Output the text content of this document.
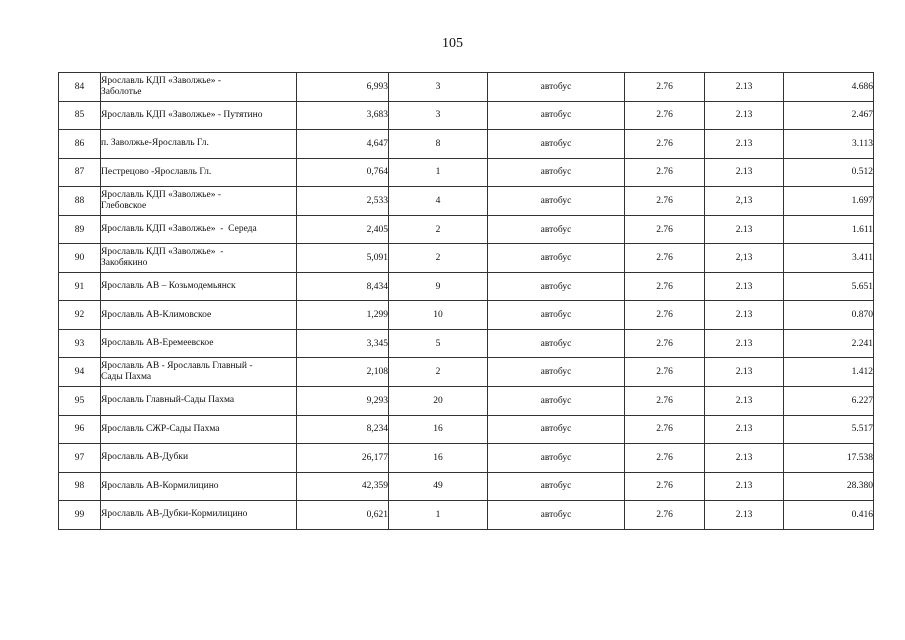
105
84	Ярославль КДП «Заволжье» -
Заболотье	6,993	3	автобус	2.76	2.13	4.686
85	Ярославль КДП «Заволжье» - Путятино	3,683	3	автобус	2.76	2.13	2.467
86	п. Заволжье-Ярославль Гл.	4,647	8	автобус	2.76	2.13	3.113
87	Пестрецово -Ярославль Гл.	0,764	1	автобус	2.76	2.13	0.512
88	Ярославль КДП «Заволжье» -
Глебовское	2,533	4	автобус	2.76	2,13	1.697
89	Ярославль КДП «Заволжье»  -  Середа	2,405	2	автобус	2.76	2.13	1.611
90	Ярославль КДП «Заволжье»  -
Закобякино	5,091	2	автобус	2.76	2,13	3.411
91	Ярославль АВ – Козьмодемьянск	8,434	9	автобус	2.76	2.13	5.651
92	Ярославль АВ-Климовское	1,299	10	автобус	2.76	2.13	0.870
93	Ярославль АВ-Еремеевское	3,345	5	автобус	2.76	2.13	2.241
94	Ярославль АВ - Ярославль Главный -
Сады Пахма	2,108	2	автобус	2.76	2.13	1.412
95	Ярославль Главный-Сады Пахма	9,293	20	автобус	2.76	2.13	6.227
96	Ярославль СЖР-Сады Пахма	8,234	16	автобус	2.76	2.13	5.517
97	Ярославль АВ-Дубки	26,177	16	автобус	2.76	2.13	17.538
98	Ярославль АВ-Кормилицино	42,359	49	автобус	2.76	2.13	28.380
99	Ярославль АВ-Дубки-Кормилицино	0,621	1	автобус	2.76	2.13	0.416
